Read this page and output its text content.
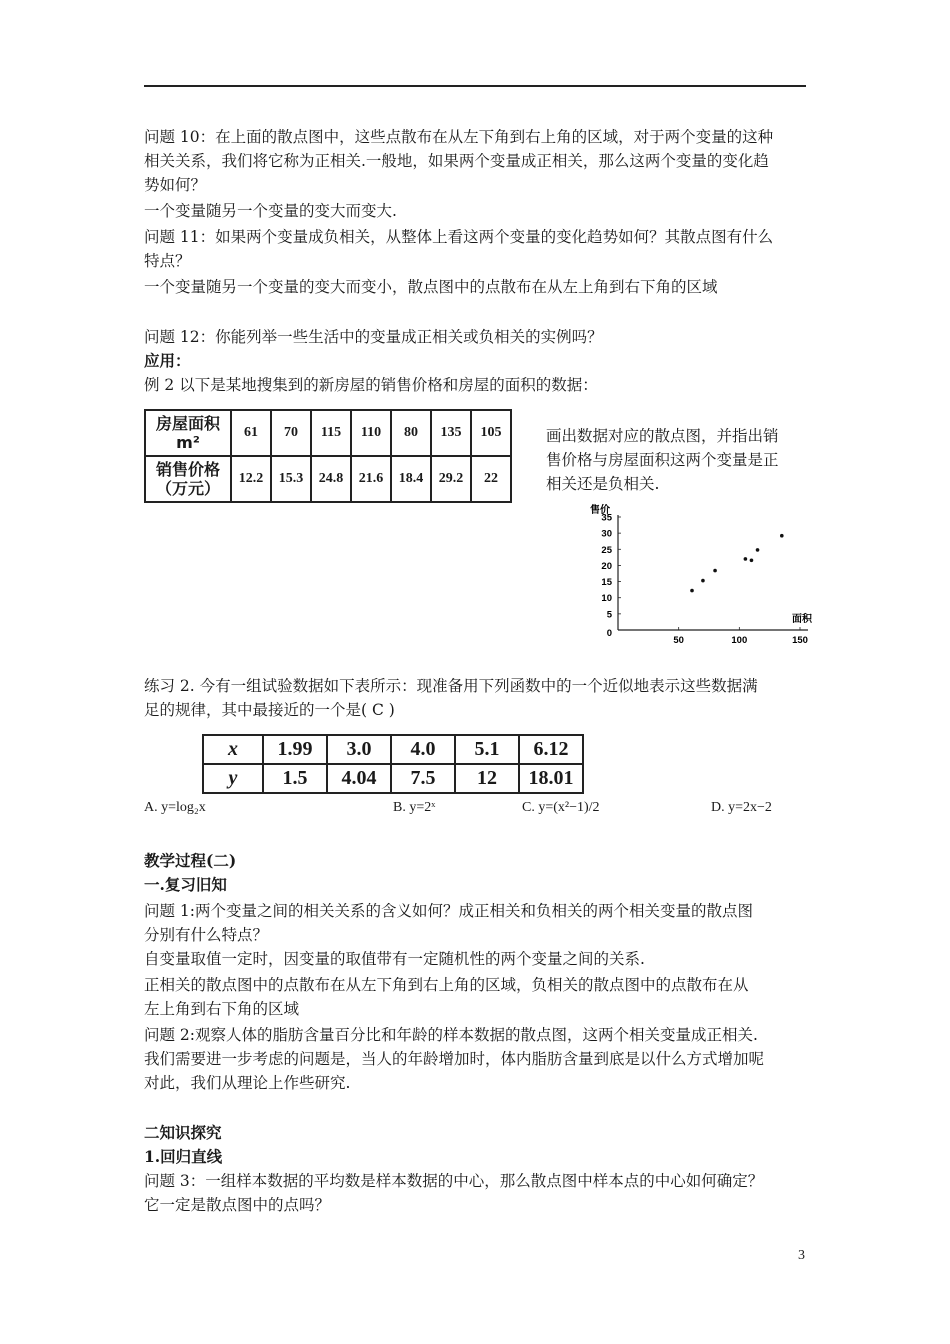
问题 10：在上面的散点图中，这些点散布在从左下角到右上角的区域，对于两个变量的这种
相关关系，我们将它称为正相关.一般地，如果两个变量成正相关，那么这两个变量的变化趋
势如何？
一个变量随另一个变量的变大而变大.
问题 11：如果两个变量成负相关，从整体上看这两个变量的变化趋势如何？其散点图有什么
特点？
一个变量随另一个变量的变大而变小，散点图中的点散布在从左上角到右下角的区域
问题 12：你能列举一些生活中的变量成正相关或负相关的实例吗？
应用：
例 2 以下是某地搜集到的新房屋的销售价格和房屋的面积的数据：
房屋面积
m²	61	70	115	110	80	135	105
销售价格
（万元）	12.2	15.3	24.8	21.6	18.4	29.2	22
画出数据对应的散点图，并指出销
售价格与房屋面积这两个变量是正
相关还是负相关.
0
5
10
15
20
25
30
35
50	100	150
售价
面积
练习 2. 今有一组试验数据如下表所示：现准备用下列函数中的一个近似地表示这些数据满
足的规律，其中最接近的一个是( C )
x	1.99	3.0	4.0	5.1	6.12
y	1.5	4.04	7.5	12	18.01
A. y=log₂x	B. y=2ˣ	C. y=(x²−1)/2	D. y=2x−2
教学过程(二)
一.复习旧知
问题 1:两个变量之间的相关关系的含义如何？成正相关和负相关的两个相关变量的散点图
分别有什么特点？
自变量取值一定时，因变量的取值带有一定随机性的两个变量之间的关系.
正相关的散点图中的点散布在从左下角到右上角的区域，负相关的散点图中的点散布在从
左上角到右下角的区域
问题 2:观察人体的脂肪含量百分比和年龄的样本数据的散点图，这两个相关变量成正相关.
我们需要进一步考虑的问题是，当人的年龄增加时，体内脂肪含量到底是以什么方式增加呢
对此，我们从理论上作些研究.
二知识探究
1.回归直线
问题 3：一组样本数据的平均数是样本数据的中心，那么散点图中样本点的中心如何确定？
它一定是散点图中的点吗？
3
